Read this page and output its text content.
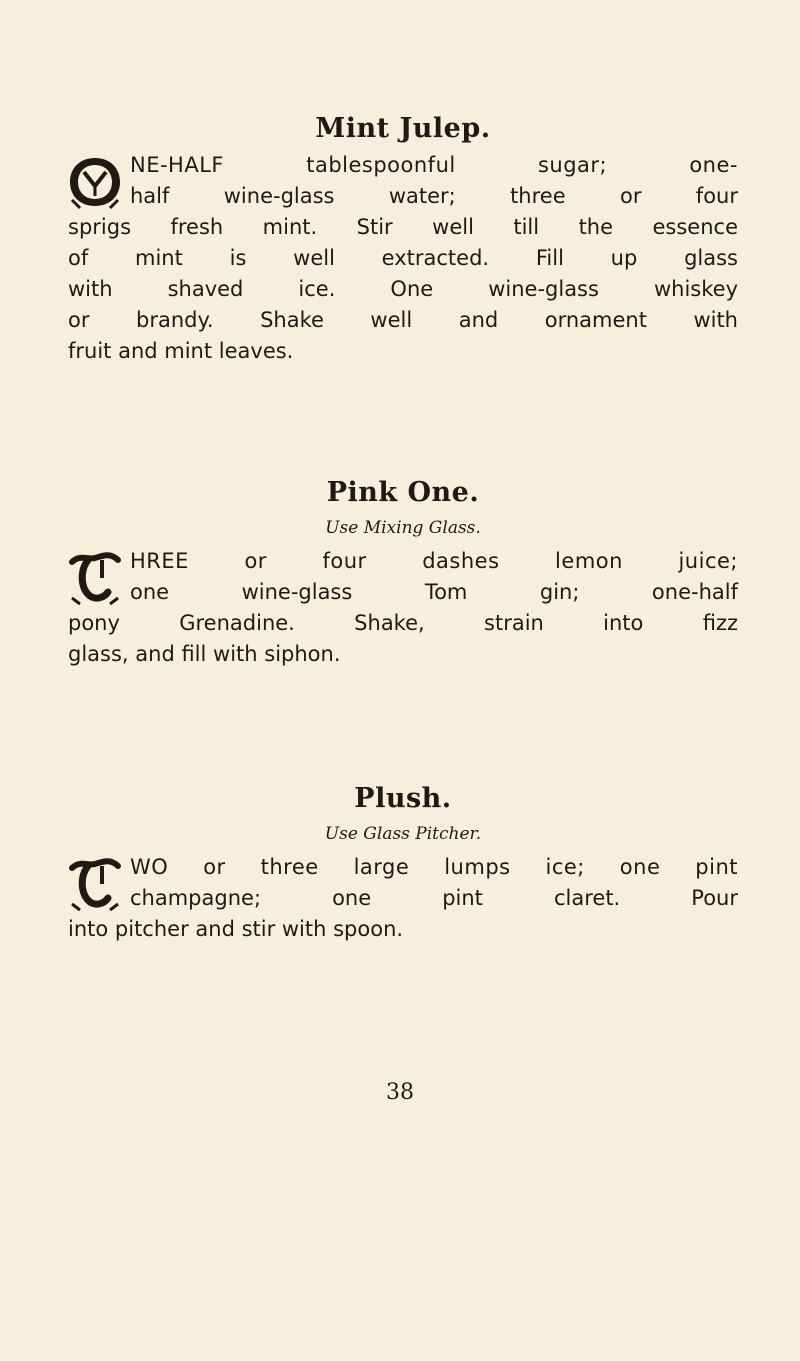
Mint Julep.
NE-HALF tablespoonful sugar; one-
half wine-glass water; three or four
sprigs fresh mint. Stir well till the essence
of mint is well extracted. Fill up glass
with shaved ice. One wine-glass whiskey
or brandy. Shake well and ornament with
fruit and mint leaves.
Pink One.

Use Mixing Glass.

HREE or four dashes lemon juice;
one wine-glass Tom gin; one-half
pony Grenadine. Shake, strain into fizz
glass, and fill with siphon.
Plush.

Use Glass Pitcher.

WO or three large lumps ice; one pint
champagne; one pint claret. Pour
into pitcher and stir with spoon.
38
